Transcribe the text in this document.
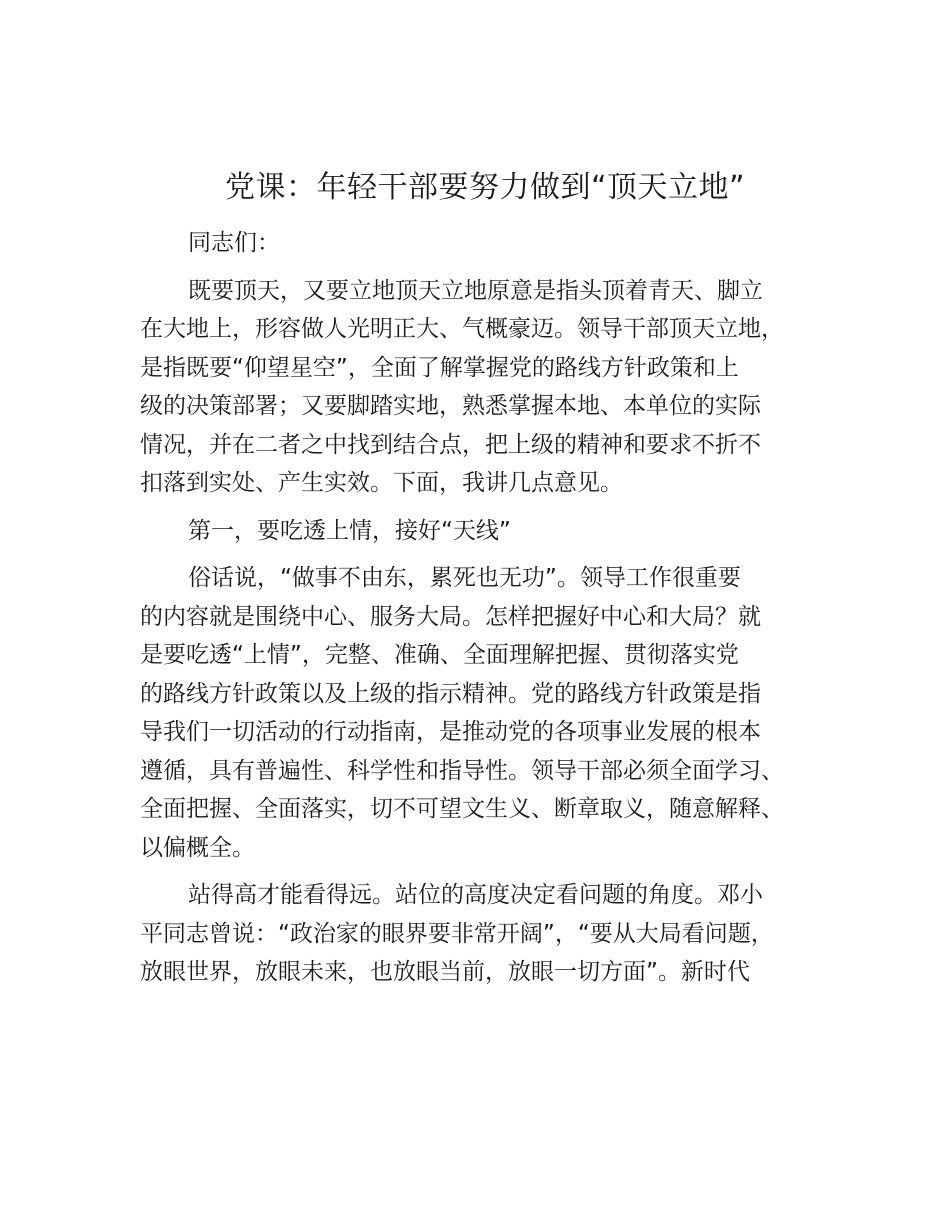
党课：年轻干部要努力做到“顶天立地”
同志们：
既要顶天，又要立地顶天立地原意是指头顶着青天、脚立
在大地上，形容做人光明正大、气概豪迈。领导干部顶天立地，
是指既要“仰望星空”，全面了解掌握党的路线方针政策和上
级的决策部署；又要脚踏实地，熟悉掌握本地、本单位的实际
情况，并在二者之中找到结合点，把上级的精神和要求不折不
扣落到实处、产生实效。下面，我讲几点意见。
第一，要吃透上情，接好“天线”
俗话说，“做事不由东，累死也无功”。领导工作很重要
的内容就是围绕中心、服务大局。怎样把握好中心和大局？就
是要吃透“上情”，完整、准确、全面理解把握、贯彻落实党
的路线方针政策以及上级的指示精神。党的路线方针政策是指
导我们一切活动的行动指南，是推动党的各项事业发展的根本
遵循，具有普遍性、科学性和指导性。领导干部必须全面学习、
全面把握、全面落实，切不可望文生义、断章取义，随意解释、
以偏概全。
站得高才能看得远。站位的高度决定看问题的角度。邓小
平同志曾说：“政治家的眼界要非常开阔”，“要从大局看问题，
放眼世界，放眼未来，也放眼当前，放眼一切方面”。新时代
